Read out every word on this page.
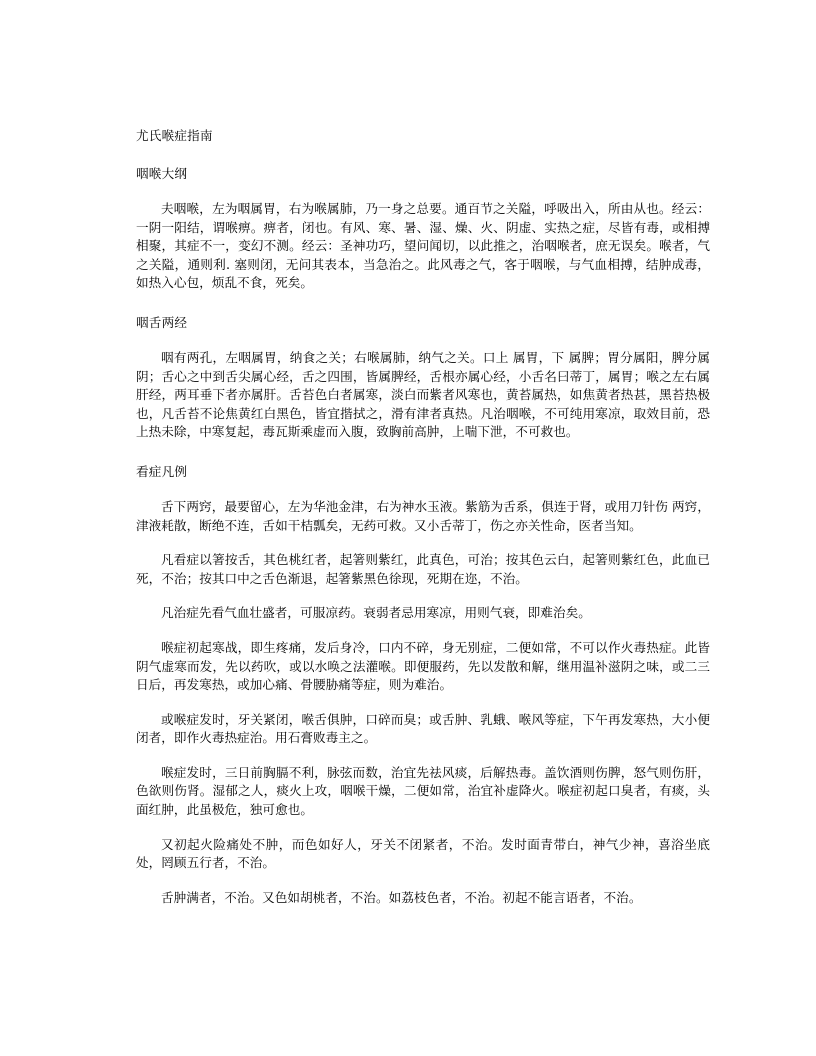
尤氏喉症指南
咽喉大纲

夫咽喉，左为咽属胃，右为喉属肺，乃一身之总要。通百节之关隘，呼吸出入，所由从也。经云：一阴一阳结，谓喉痹。痹者，闭也。有风、寒、暑、湿、燥、火、阴虚、实热之症，尽皆有毒，或相搏相聚，其症不一，变幻不测。经云：圣神功巧，望问闻切，以此推之，治咽喉者，庶无误矣。喉者，气之关隘，通则利. 塞则闭，无问其表本，当急治之。此风毒之气，客于咽喉，与气血相搏，结肿成毒，如热入心包，烦乱不食，死矣。

咽舌两经

咽有两孔，左咽属胃，纳食之关；右喉属肺，纳气之关。口上 属胃，下 属脾；胃分属阳，脾分属阴；舌心之中到舌尖属心经，舌之四围，皆属脾经，舌根亦属心经，小舌名曰蒂丁，属胃；喉之左右属肝经，两耳垂下者亦属肝。舌苔色白者属寒，淡白而紫者风寒也，黄苔属热，如焦黄者热甚，黑苔热极也，凡舌苔不论焦黄红白黑色，皆宜揩拭之，滑有津者真热。凡治咽喉，不可纯用寒凉，取效目前，恐上热未除，中寒复起，毒瓦斯乘虚而入腹，致胸前高肿，上喘下泄，不可救也。

看症凡例

舌下两窍，最要留心，左为华池金津，右为神水玉液。紫筋为舌系，俱连于肾，或用刀针伤 两窍，津液耗散，断绝不连，舌如干桔瓢矣，无药可救。又小舌蒂丁，伤之亦关性命，医者当知。

凡看症以箸按舌，其色桃红者，起箸则紫红，此真色，可治；按其色云白，起箸则紫红色，此血已死，不治；按其口中之舌色渐退，起箸紫黑色徐现，死期在迩，不治。

凡治症先看气血壮盛者，可服凉药。衰弱者忌用寒凉，用则气衰，即难治矣。

喉症初起寒战，即生疼痛，发后身冷，口内不碎，身无别症，二便如常，不可以作火毒热症。此皆阴气虚寒而发，先以药吹，或以水唤之法灌喉。即便服药，先以发散和解，继用温补滋阴之味，或二三日后，再发寒热，或加心痛、骨腰胁痛等症，则为难治。

或喉症发时，牙关紧闭，喉舌俱肿，口碎而臭；或舌肿、乳蛾、喉风等症，下午再发寒热，大小便闭者，即作火毒热症治。用石膏败毒主之。

喉症发时，三日前胸膈不利，脉弦而数，治宜先祛风痰，后解热毒。盖饮酒则伤脾，怒气则伤肝，色欲则伤肾。湿郁之人，痰火上攻，咽喉干燥，二便如常，治宜补虚降火。喉症初起口臭者，有痰，头面红肿，此虽极危，独可愈也。

又初起火险痛处不肿，而色如好人，牙关不闭紧者，不治。发时面青带白，神气少神，喜浴坐底处，罔顾五行者，不治。

舌肿满者，不治。又色如胡桃者，不治。如荔枝色者，不治。初起不能言语者，不治。
